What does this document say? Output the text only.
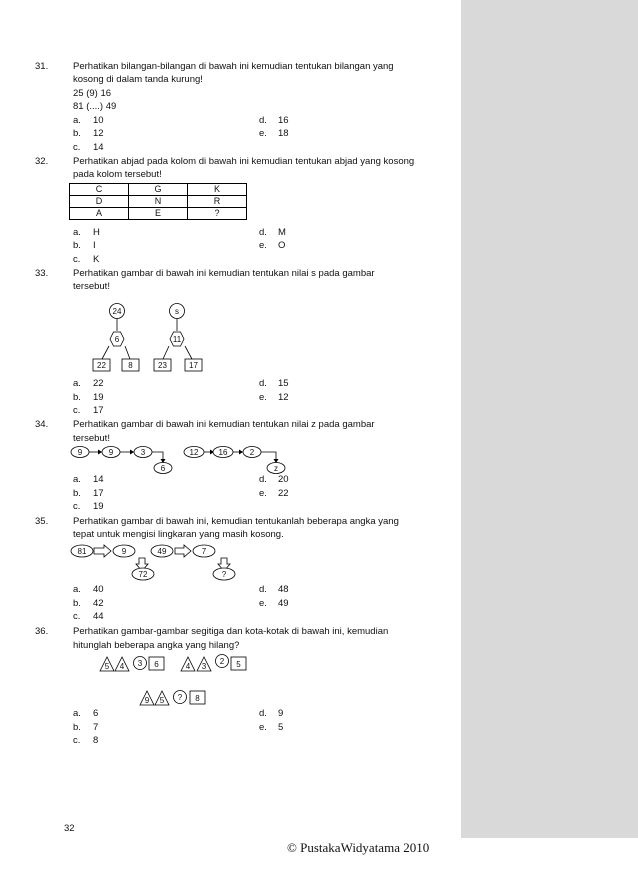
31.	Perhatikan bilangan-bilangan di bawah ini kemudian tentukan bilangan yang
kosong di dalam tanda kurung!
25 (9) 16
81 (....) 49
a. 10
b. 12
c. 14
d. 16
e. 18
32.	Perhatikan abjad pada kolom di bawah ini kemudian tentukan abjad yang kosong
pada kolom tersebut!
C	G	K
D	N	R
A	E	?
a. H
b. I
c. K
d. M
e. O
33.	Perhatikan gambar di bawah ini kemudian tentukan nilai s pada gambar
tersebut!
24
6
22	8
s
11
23	17
9	9	3
6
12	16	2
z
81	9	49	7
72	?
5 4 3 6	4 3
2 5
9 5 ? 8
a. 22
b. 19
c. 17
d. 15
e. 12
34.	Perhatikan gambar di bawah ini kemudian tentukan nilai z pada gambar
tersebut!
a. 14
b. 17
c. 19
d. 20
e. 22
35.	Perhatikan gambar di bawah ini, kemudian tentukanlah beberapa angka yang
tepat untuk mengisi lingkaran yang masih kosong.
a. 40
b. 42
c. 44
d. 48
e. 49
36.	Perhatikan gambar-gambar segitiga dan kota-kotak di bawah ini, kemudian
hitunglah beberapa angka yang hilang?
a. 6
b. 7
c. 8
d. 9
e. 5
32
© PustakaWidyatama 2010
